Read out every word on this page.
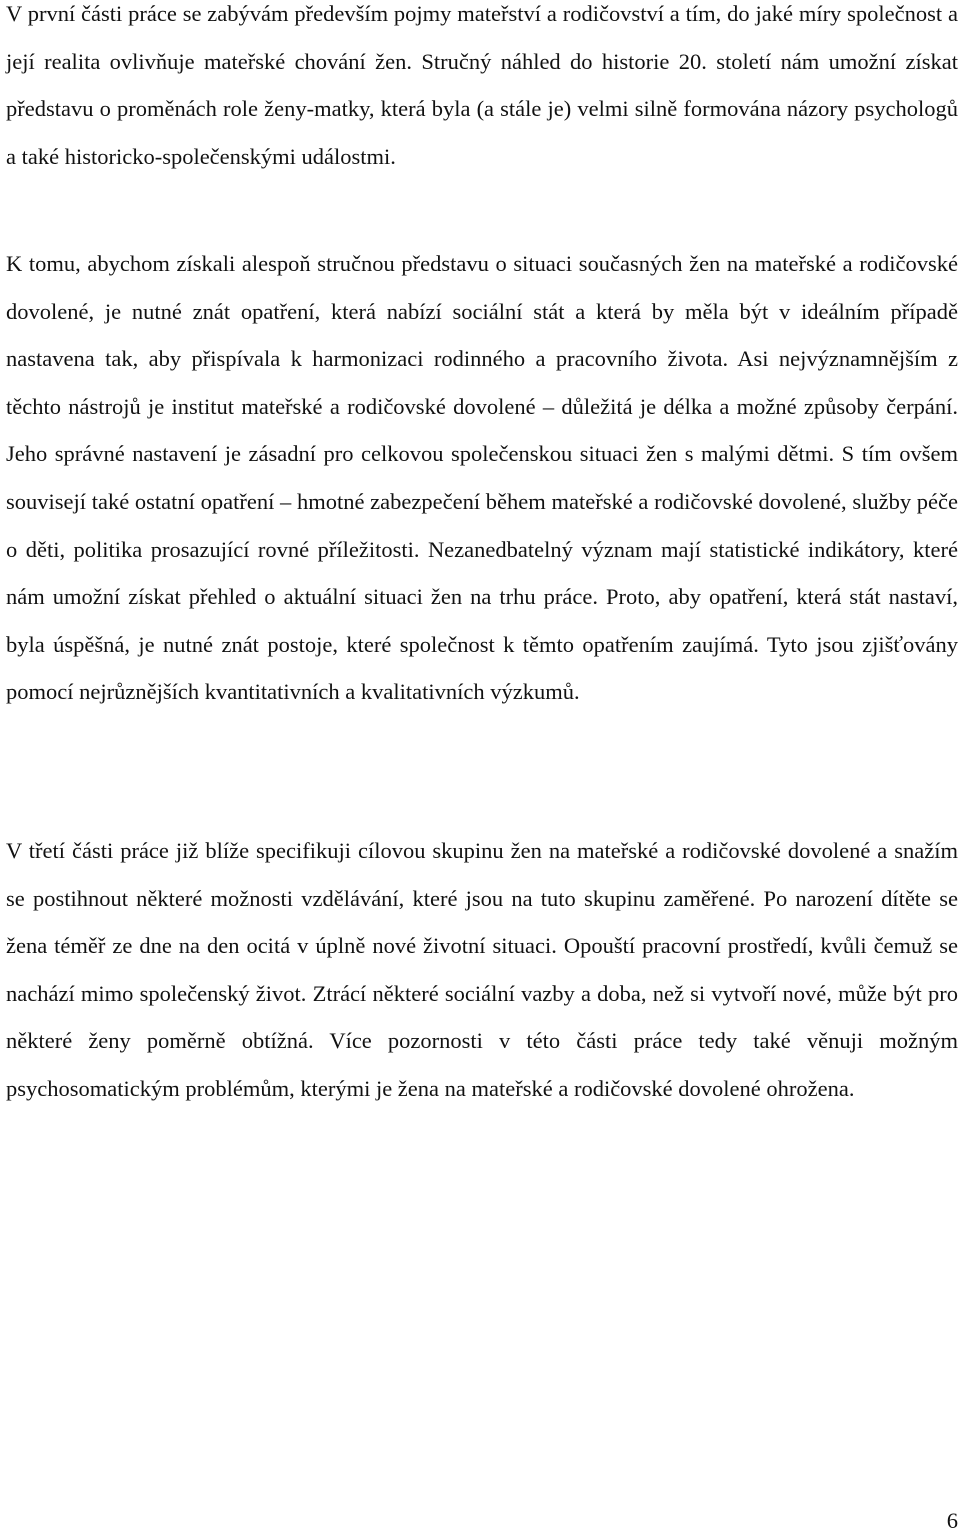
V první části práce se zabývám především pojmy mateřství a rodičovství a tím, do jaké míry společnost a její realita ovlivňuje mateřské chování žen. Stručný náhled do historie 20. století nám umožní získat představu o proměnách role ženy-matky, která byla (a stále je) velmi silně formována názory psychologů a také historicko-společenskými událostmi.

K tomu, abychom získali alespoň stručnou představu o situaci současných žen na mateřské a rodičovské dovolené, je nutné znát opatření, která nabízí sociální stát a která by měla být v ideálním případě nastavena tak, aby přispívala k harmonizaci rodinného a pracovního života. Asi nejvýznamnějším z těchto nástrojů je institut mateřské a rodičovské dovolené – důležitá je délka a možné způsoby čerpání. Jeho správné nastavení je zásadní pro celkovou společenskou situaci žen s malými dětmi. S tím ovšem souvisejí také ostatní opatření – hmotné zabezpečení během mateřské a rodičovské dovolené, služby péče o děti, politika prosazující rovné příležitosti. Nezanedbatelný význam mají statistické indikátory, které nám umožní získat přehled o aktuální situaci žen na trhu práce. Proto, aby opatření, která stát nastaví, byla úspěšná, je nutné znát postoje, které společnost k těmto opatřením zaujímá. Tyto jsou zjišťovány pomocí nejrůznějších kvantitativních a kvalitativních výzkumů.

V třetí části práce již blíže specifikuji cílovou skupinu žen na mateřské a rodičovské dovolené a snažím se postihnout některé možnosti vzdělávání, které jsou na tuto skupinu zaměřené. Po narození dítěte se žena téměř ze dne na den ocitá v úplně nové životní situaci. Opouští pracovní prostředí, kvůli čemuž se nachází mimo společenský život. Ztrácí některé sociální vazby a doba, než si vytvoří nové, může být pro některé ženy poměrně obtížná. Více pozornosti v této části práce tedy také věnuji možným psychosomatickým problémům, kterými je žena na mateřské a rodičovské dovolené ohrožena.

6
